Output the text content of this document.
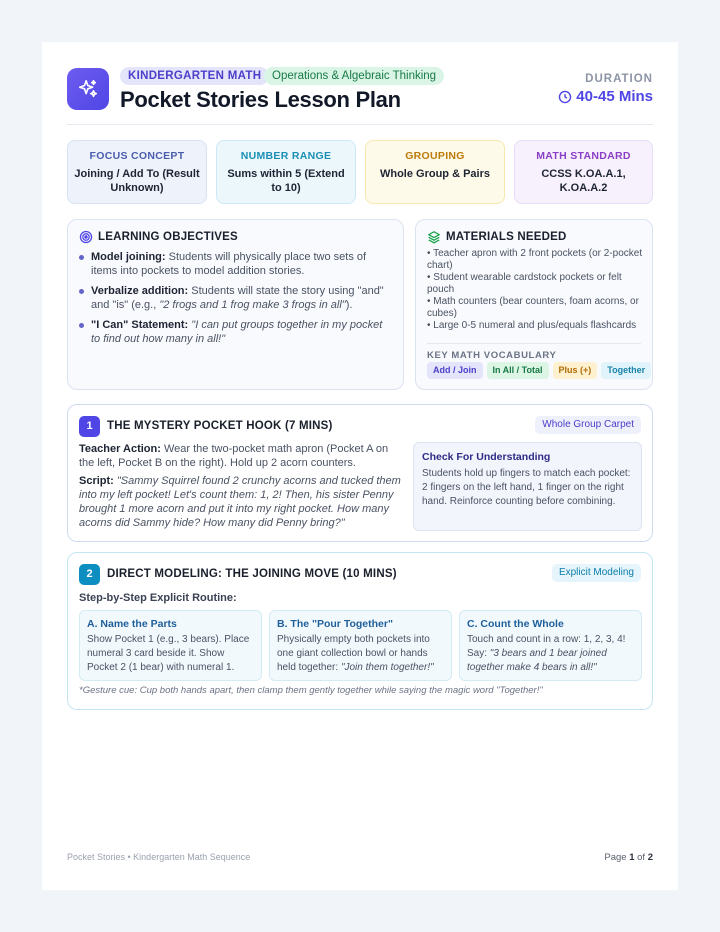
KINDERGARTEN MATH Operations & Algebraic Thinking
Pocket Stories Lesson Plan
DURATION
40-45 Mins
FOCUS CONCEPT
Joining / Add To (Result Unknown)
NUMBER RANGE
Sums within 5 (Extend to 10)
GROUPING
Whole Group & Pairs
MATH STANDARD
CCSS K.OA.A.1, K.OA.A.2
LEARNING OBJECTIVES
Model joining: Students will physically place two sets of items into pockets to model addition stories.
Verbalize addition: Students will state the story using "and" and "is" (e.g., "2 frogs and 1 frog make 3 frogs in all").
"I Can" Statement: "I can put groups together in my pocket to find out how many in all!"
MATERIALS NEEDED
• Teacher apron with 2 front pockets (or 2-pocket chart)
• Student wearable cardstock pockets or felt pouch
• Math counters (bear counters, foam acorns, or cubes)
• Large 0-5 numeral and plus/equals flashcards
KEY MATH VOCABULARY
Add / Join	In All / Total	Plus (+)	Together
1	THE MYSTERY POCKET HOOK (7 MINS)	Whole Group Carpet

Teacher Action: Wear the two-pocket math apron (Pocket A on the left, Pocket B on the right). Hold up 2 acorn counters.

Script: "Sammy Squirrel found 2 crunchy acorns and tucked them into my left pocket! Let's count them: 1, 2! Then, his sister Penny brought 1 more acorn and put it into my right pocket. How many acorns did Sammy hide? How many did Penny bring?"

Check For Understanding
Students hold up fingers to match each pocket: 2 fingers on the left hand, 1 finger on the right hand. Reinforce counting before combining.
2	DIRECT MODELING: THE JOINING MOVE (10 MINS)	Explicit Modeling
Step-by-Step Explicit Routine:
A. Name the Parts
Show Pocket 1 (e.g., 3 bears). Place numeral 3 card beside it. Show Pocket 2 (1 bear) with numeral 1.
B. The "Pour Together"
Physically empty both pockets into one giant collection bowl or hands held together: "Join them together!"
C. Count the Whole
Touch and count in a row: 1, 2, 3, 4! Say: "3 bears and 1 bear joined together make 4 bears in all!"
*Gesture cue: Cup both hands apart, then clamp them gently together while saying the magic word "Together!"
Pocket Stories • Kindergarten Math Sequence	Page 1 of 2
